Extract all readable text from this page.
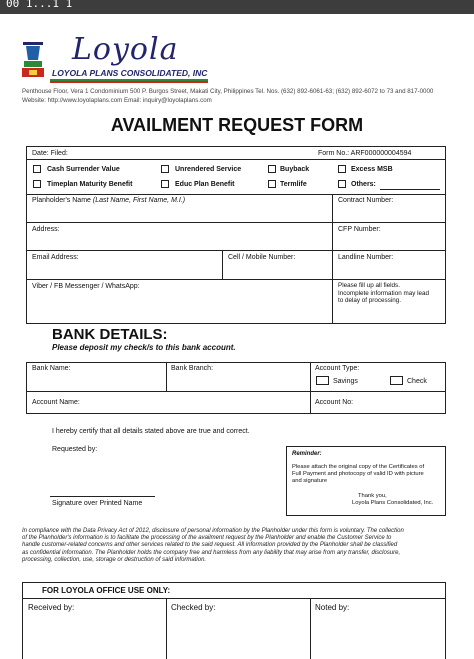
00 1...1 1
Loyola
LOYOLA PLANS CONSOLIDATED, INC
Penthouse Floor, Vera 1 Condominium 500 P. Burgos Street, Makati City, Philippines Tel. Nos. (632) 892-6061-63; (632) 892-6072 to 73 and 817-0000
Website: http://www.loyolaplans.com Email: inquiry@loyolaplans.com
AVAILMENT REQUEST FORM
Date: Filed:	Form No.: ARF000000004594
Cash Surrender Value	Unrendered Service	Buyback	Excess MSB
Timeplan Maturity Benefit	Educ Plan Benefit	Termlife	Others:
Planholder's Name (Last Name, First Name, M.I.)	Contract Number:
Address:	CFP Number:
Email Address:	Cell / Mobile Number:	Landline Number:
Viber / FB Messenger / WhatsApp:	Please fill up all fields.
Incomplete information may lead
to delay of processing.
BANK DETAILS:
Please deposit my check/s to this bank account.
Bank Name:	Bank Branch:	Account Type:
Savings	Check
Account Name:	Account No:
I hereby certify that all details stated above are true and correct.
Requested by:
Signature over Printed Name
Reminder:
Please attach the original copy of the Certificates of
Full Payment and photocopy of valid ID with picture
and signature
Thank you,
Loyola Plans Consolidated, Inc.
In compliance with the Data Privacy Act of 2012, disclosure of personal information by the Planholder under this form is voluntary. The collection
of the Planholder's information is to facilitate the processing of the availment request by the Planholder and enable the Customer Service to
handle customer-related concerns and other services related to the said request. All information provided by the Planholder shall be classified
as confidential information. The Planholder holds the company free and harmless from any liability that may arise from any transfer, disclosure,
processing, collection, use, storage or destruction of said information.
FOR LOYOLA OFFICE USE ONLY:
Received by:	Checked by:	Noted by:
